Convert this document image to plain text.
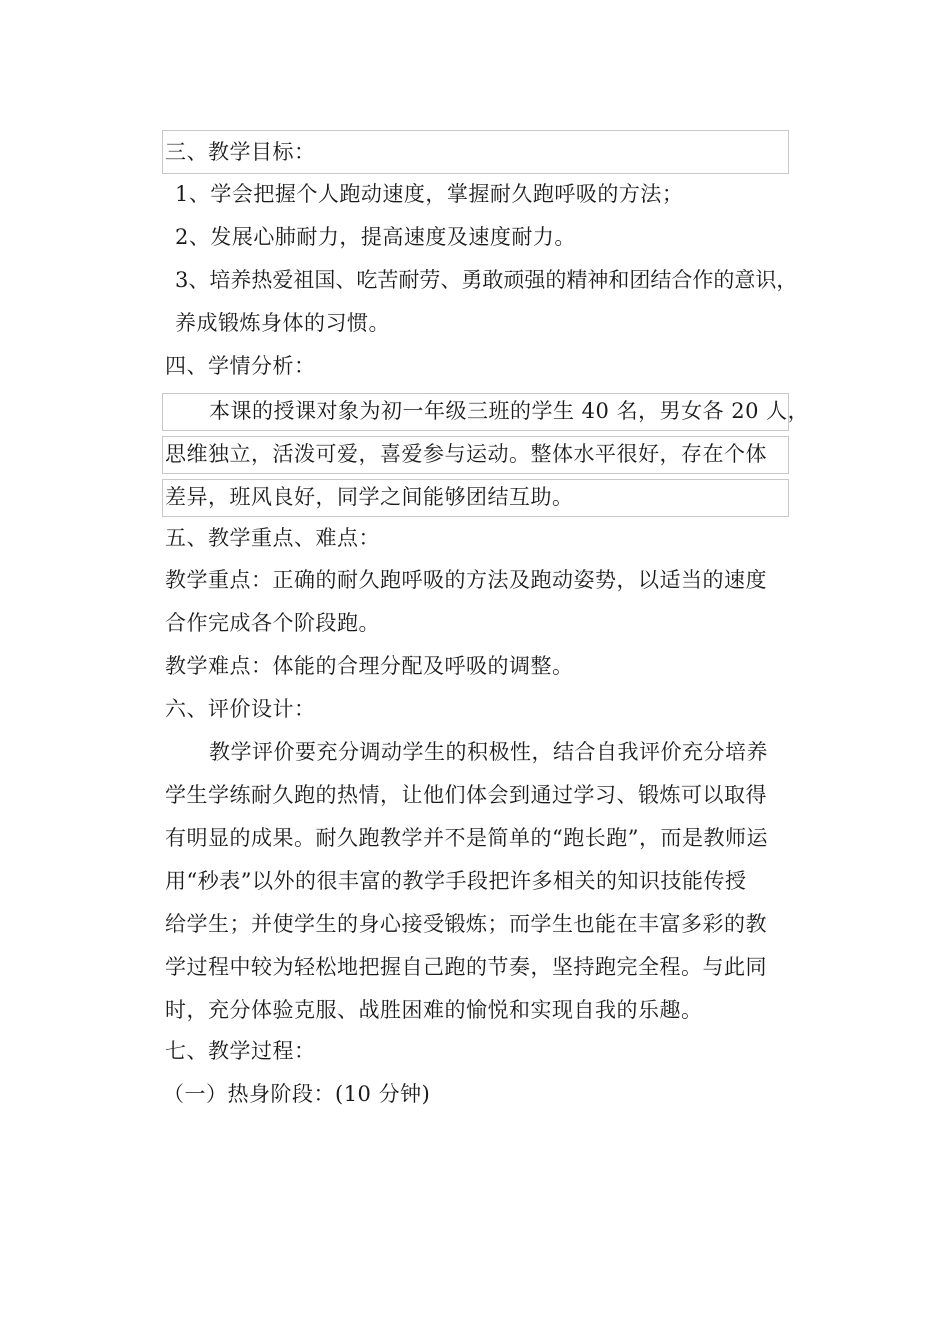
三、教学目标：
1、学会把握个人跑动速度，掌握耐久跑呼吸的方法；
2、发展心肺耐力，提高速度及速度耐力。
3、培养热爱祖国、吃苦耐劳、勇敢顽强的精神和团结合作的意识，
养成锻炼身体的习惯。
四、学情分析：
本课的授课对象为初一年级三班的学生 40 名，男女各 20 人，
思维独立，活泼可爱，喜爱参与运动。整体水平很好，存在个体
差异，班风良好，同学之间能够团结互助。
五、教学重点、难点：
教学重点：正确的耐久跑呼吸的方法及跑动姿势，以适当的速度
合作完成各个阶段跑。
教学难点：体能的合理分配及呼吸的调整。
六、评价设计：
教学评价要充分调动学生的积极性，结合自我评价充分培养
学生学练耐久跑的热情，让他们体会到通过学习、锻炼可以取得
有明显的成果。耐久跑教学并不是简单的“跑长跑”，而是教师运
用“秒表”以外的很丰富的教学手段把许多相关的知识技能传授
给学生；并使学生的身心接受锻炼；而学生也能在丰富多彩的教
学过程中较为轻松地把握自己跑的节奏，坚持跑完全程。与此同
时，充分体验克服、战胜困难的愉悦和实现自我的乐趣。
七、教学过程：
（一）热身阶段：(10 分钟)
